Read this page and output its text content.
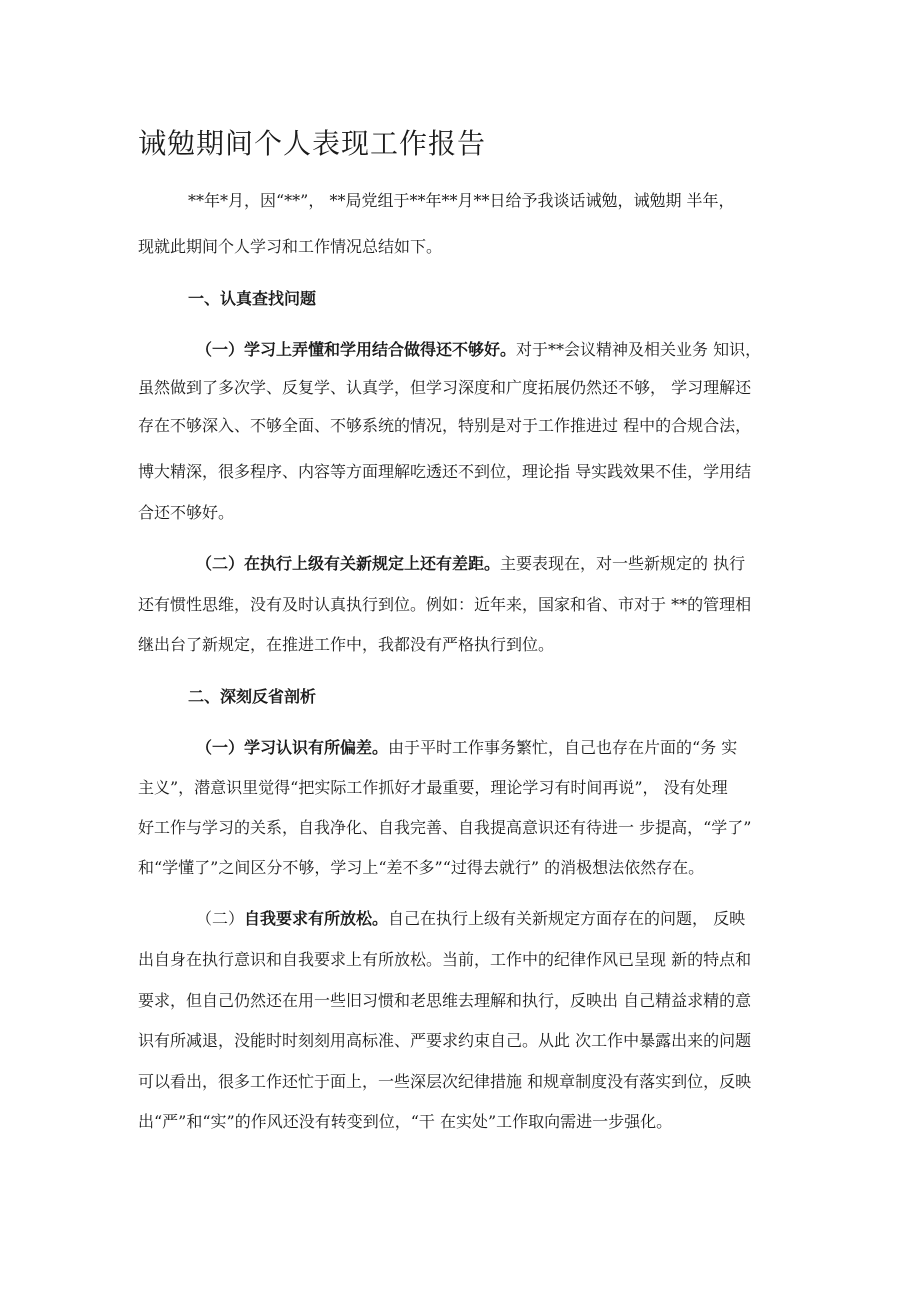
诫勉期间个人表现工作报告
**年*月，因“**”， **局党组于**年**月**日给予我谈话诫勉，诫勉期 半年，
现就此期间个人学习和工作情况总结如下。
一、认真查找问题
（一）学习上弄懂和学用结合做得还不够好。对于**会议精神及相关业务 知识，
虽然做到了多次学、反复学、认真学，但学习深度和广度拓展仍然还不够， 学习理解还
存在不够深入、不够全面、不够系统的情况，特别是对于工作推进过 程中的合规合法，
博大精深，很多程序、内容等方面理解吃透还不到位，理论指 导实践效果不佳，学用结
合还不够好。
（二）在执行上级有关新规定上还有差距。主要表现在，对一些新规定的 执行
还有惯性思维，没有及时认真执行到位。例如：近年来，国家和省、市对于 **的管理相
继出台了新规定，在推进工作中，我都没有严格执行到位。
二、深刻反省剖析
（一）学习认识有所偏差。由于平时工作事务繁忙，自己也存在片面的“务 实
主义”，潜意识里觉得“把实际工作抓好才最重要，理论学习有时间再说”， 没有处理
好工作与学习的关系，自我净化、自我完善、自我提高意识还有待进一 步提高，“学了”
和“学懂了”之间区分不够，学习上“差不多”“过得去就行” 的消极想法依然存在。
（二）自我要求有所放松。自己在执行上级有关新规定方面存在的问题， 反映
出自身在执行意识和自我要求上有所放松。当前，工作中的纪律作风已呈现 新的特点和
要求，但自己仍然还在用一些旧习惯和老思维去理解和执行，反映出 自己精益求精的意
识有所减退，没能时时刻刻用高标准、严要求约束自己。从此 次工作中暴露出来的问题
可以看出，很多工作还忙于面上，一些深层次纪律措施 和规章制度没有落实到位，反映
出“严”和“实”的作风还没有转变到位，“干 在实处”工作取向需进一步强化。
